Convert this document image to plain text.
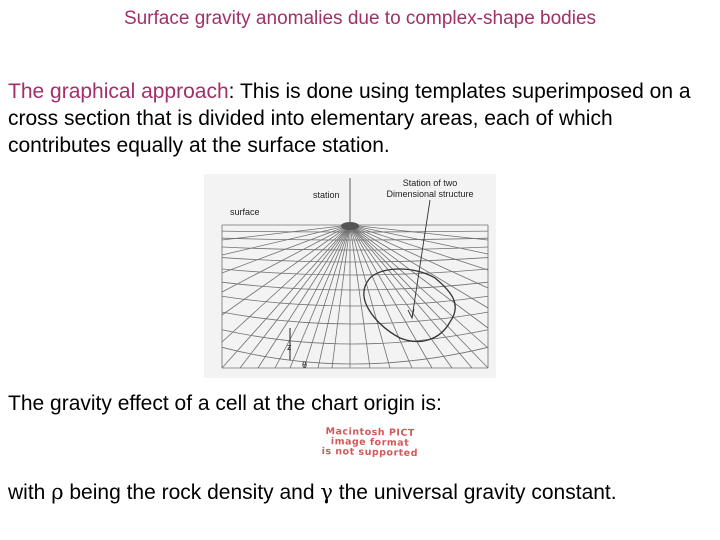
Surface gravity anomalies due to complex-shape bodies
The graphical approach: This is done using templates superimposed on a cross section that is divided into elementary areas, each of which contributes equally at the surface station.
station
Station of two Dimensional structure
surface
z
θ
The gravity effect of a cell at the chart origin is:
Macintosh PICT
image format
is not supported
with ρ being the rock density and γ the universal gravity constant.
